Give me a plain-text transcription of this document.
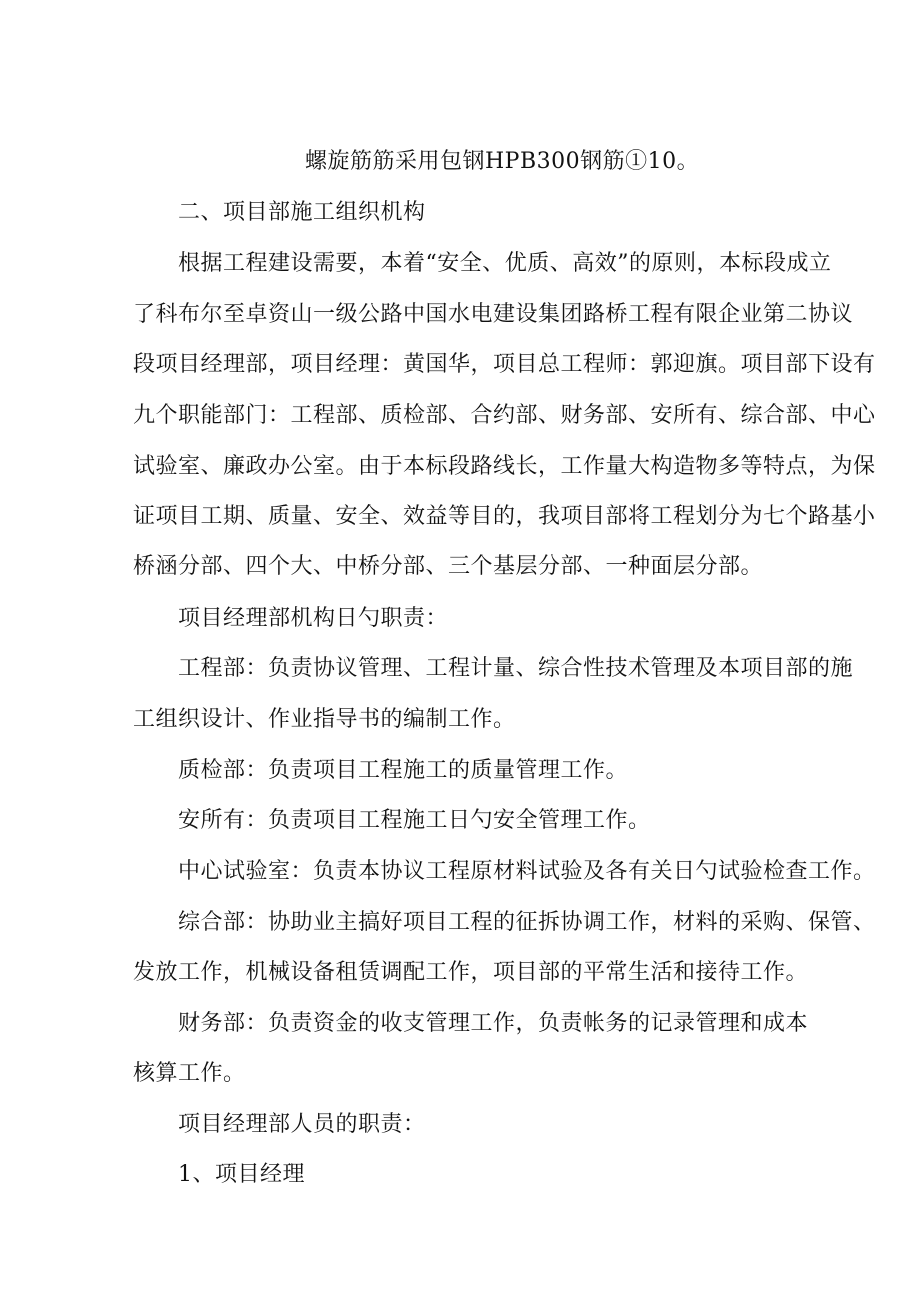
螺旋筋筋采用包钢HPB300钢筋①10。
二、项目部施工组织机构
根据工程建设需要，本着“安全、优质、高效”的原则，本标段成立
了科布尔至卓资山一级公路中国水电建设集团路桥工程有限企业第二协议
段项目经理部，项目经理：黄国华，项目总工程师：郭迎旗。项目部下设有
九个职能部门：工程部、质检部、合约部、财务部、安所有、综合部、中心
试验室、廉政办公室。由于本标段路线长，工作量大构造物多等特点，为保
证项目工期、质量、安全、效益等目的，我项目部将工程划分为七个路基小
桥涵分部、四个大、中桥分部、三个基层分部、一种面层分部。
项目经理部机构日勺职责：
工程部：负责协议管理、工程计量、综合性技术管理及本项目部的施
工组织设计、作业指导书的编制工作。
质检部：负责项目工程施工的质量管理工作。
安所有：负责项目工程施工日勺安全管理工作。
中心试验室：负责本协议工程原材料试验及各有关日勺试验检查工作。
综合部：协助业主搞好项目工程的征拆协调工作，材料的采购、保管、
发放工作，机械设备租赁调配工作，项目部的平常生活和接待工作。
财务部：负责资金的收支管理工作，负责帐务的记录管理和成本
核算工作。
项目经理部人员的职责：
1、项目经理
